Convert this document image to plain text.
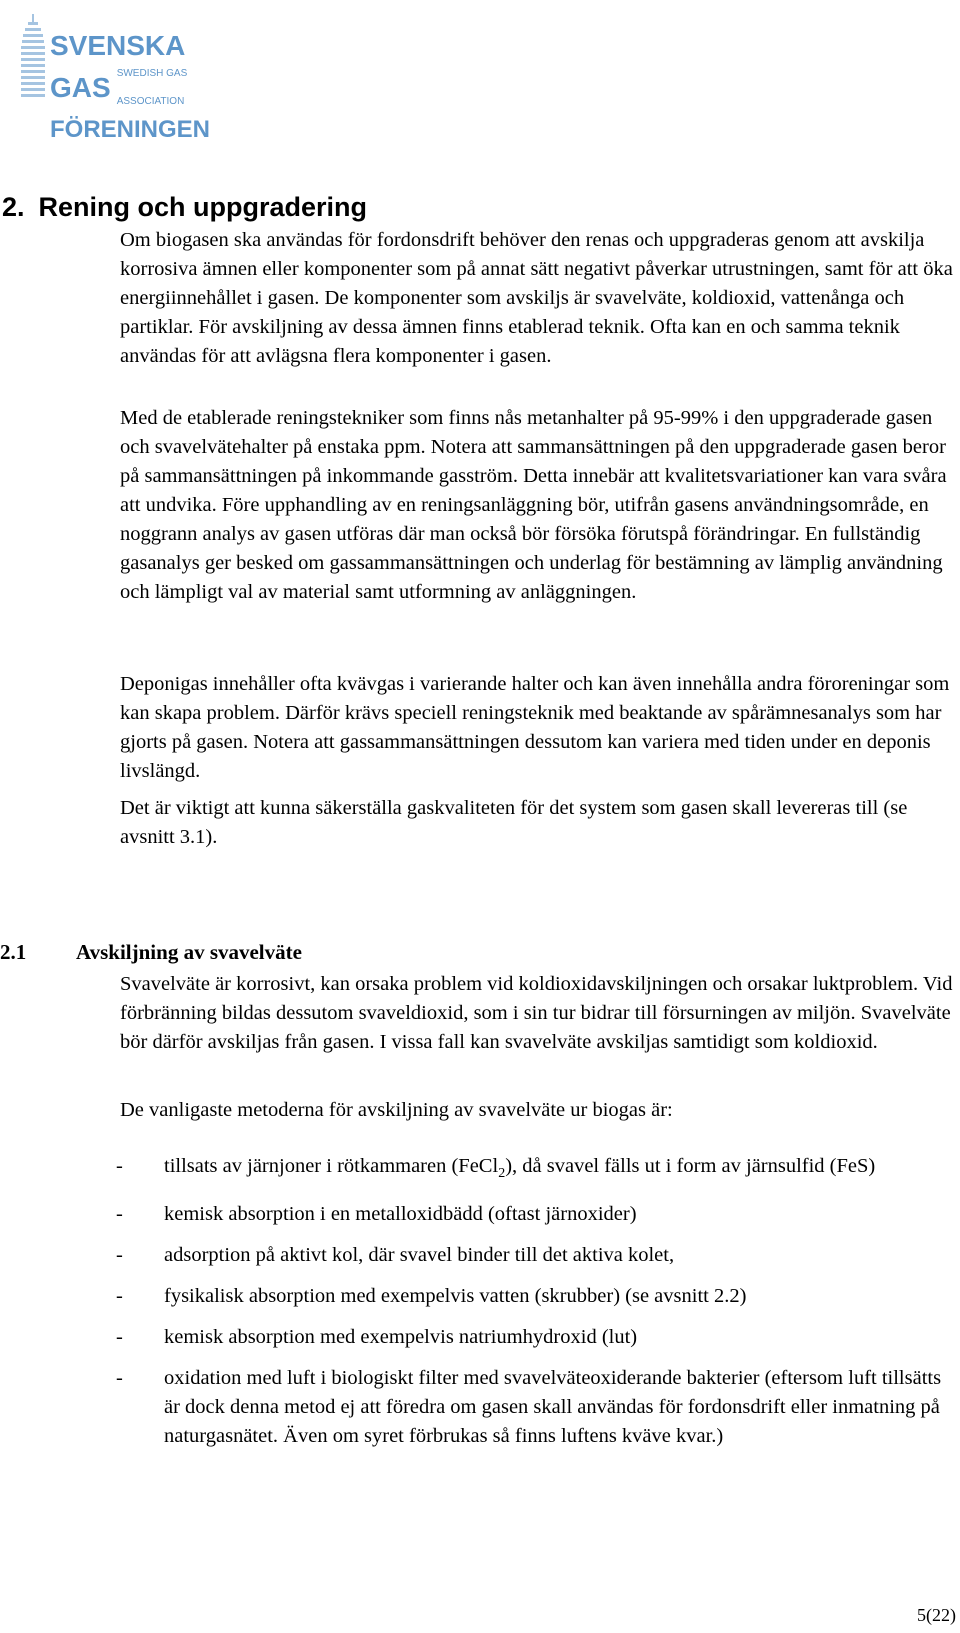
SVENSKA
GAS SWEDISH GAS ASSOCIATION
FÖRENINGEN
2. Rening och uppgradering

Om biogasen ska användas för fordonsdrift behöver den renas och uppgraderas genom att avskilja korrosiva ämnen eller komponenter som på annat sätt negativt påverkar utrustningen, samt för att öka energiinnehållet i gasen. De komponenter som avskiljs är svavelväte, koldioxid, vattenånga och partiklar. För avskiljning av dessa ämnen finns etablerad teknik. Ofta kan en och samma teknik användas för att avlägsna flera komponenter i gasen.

Med de etablerade reningstekniker som finns nås metanhalter på 95-99% i den uppgraderade gasen och svavelvätehalter på enstaka ppm. Notera att sammansättningen på den uppgraderade gasen beror på sammansättningen på inkommande gasström. Detta innebär att kvalitetsvariationer kan vara svåra att undvika. Före upphandling av en reningsanläggning bör, utifrån gasens användningsområde, en noggrann analys av gasen utföras där man också bör försöka förutspå förändringar. En fullständig gasanalys ger besked om gassammansättningen och underlag för bestämning av lämplig användning och lämpligt val av material samt utformning av anläggningen.

Deponigas innehåller ofta kvävgas i varierande halter och kan även innehålla andra föroreningar som kan skapa problem. Därför krävs speciell reningsteknik med beaktande av spårämnesanalys som har gjorts på gasen. Notera att gassammansättningen dessutom kan variera med tiden under en deponis livslängd.

Det är viktigt att kunna säkerställa gaskvaliteten för det system som gasen skall levereras till (se avsnitt 3.1).

2.1 Avskiljning av svavelväte

Svavelväte är korrosivt, kan orsaka problem vid koldioxidavskiljningen och orsakar luktproblem. Vid förbränning bildas dessutom svaveldioxid, som i sin tur bidrar till försurningen av miljön. Svavelväte bör därför avskiljas från gasen. I vissa fall kan svavelväte avskiljas samtidigt som koldioxid.

De vanligaste metoderna för avskiljning av svavelväte ur biogas är:

-	tillsats av järnjoner i rötkammaren (FeCl$_2$), då svavel fälls ut i form av järnsulfid (FeS)
-	kemisk absorption i en metalloxidbädd (oftast järnoxider)
-	adsorption på aktivt kol, där svavel binder till det aktiva kolet,
-	fysikalisk absorption med exempelvis vatten (skrubber) (se avsnitt 2.2)
-	kemisk absorption med exempelvis natriumhydroxid (lut)
-	oxidation med luft i biologiskt filter med svavelväteoxiderande bakterier (eftersom luft tillsätts är dock denna metod ej att föredra om gasen skall användas för fordonsdrift eller inmatning på naturgasnätet. Även om syret förbrukas så finns luftens kväve kvar.)
5(22)
